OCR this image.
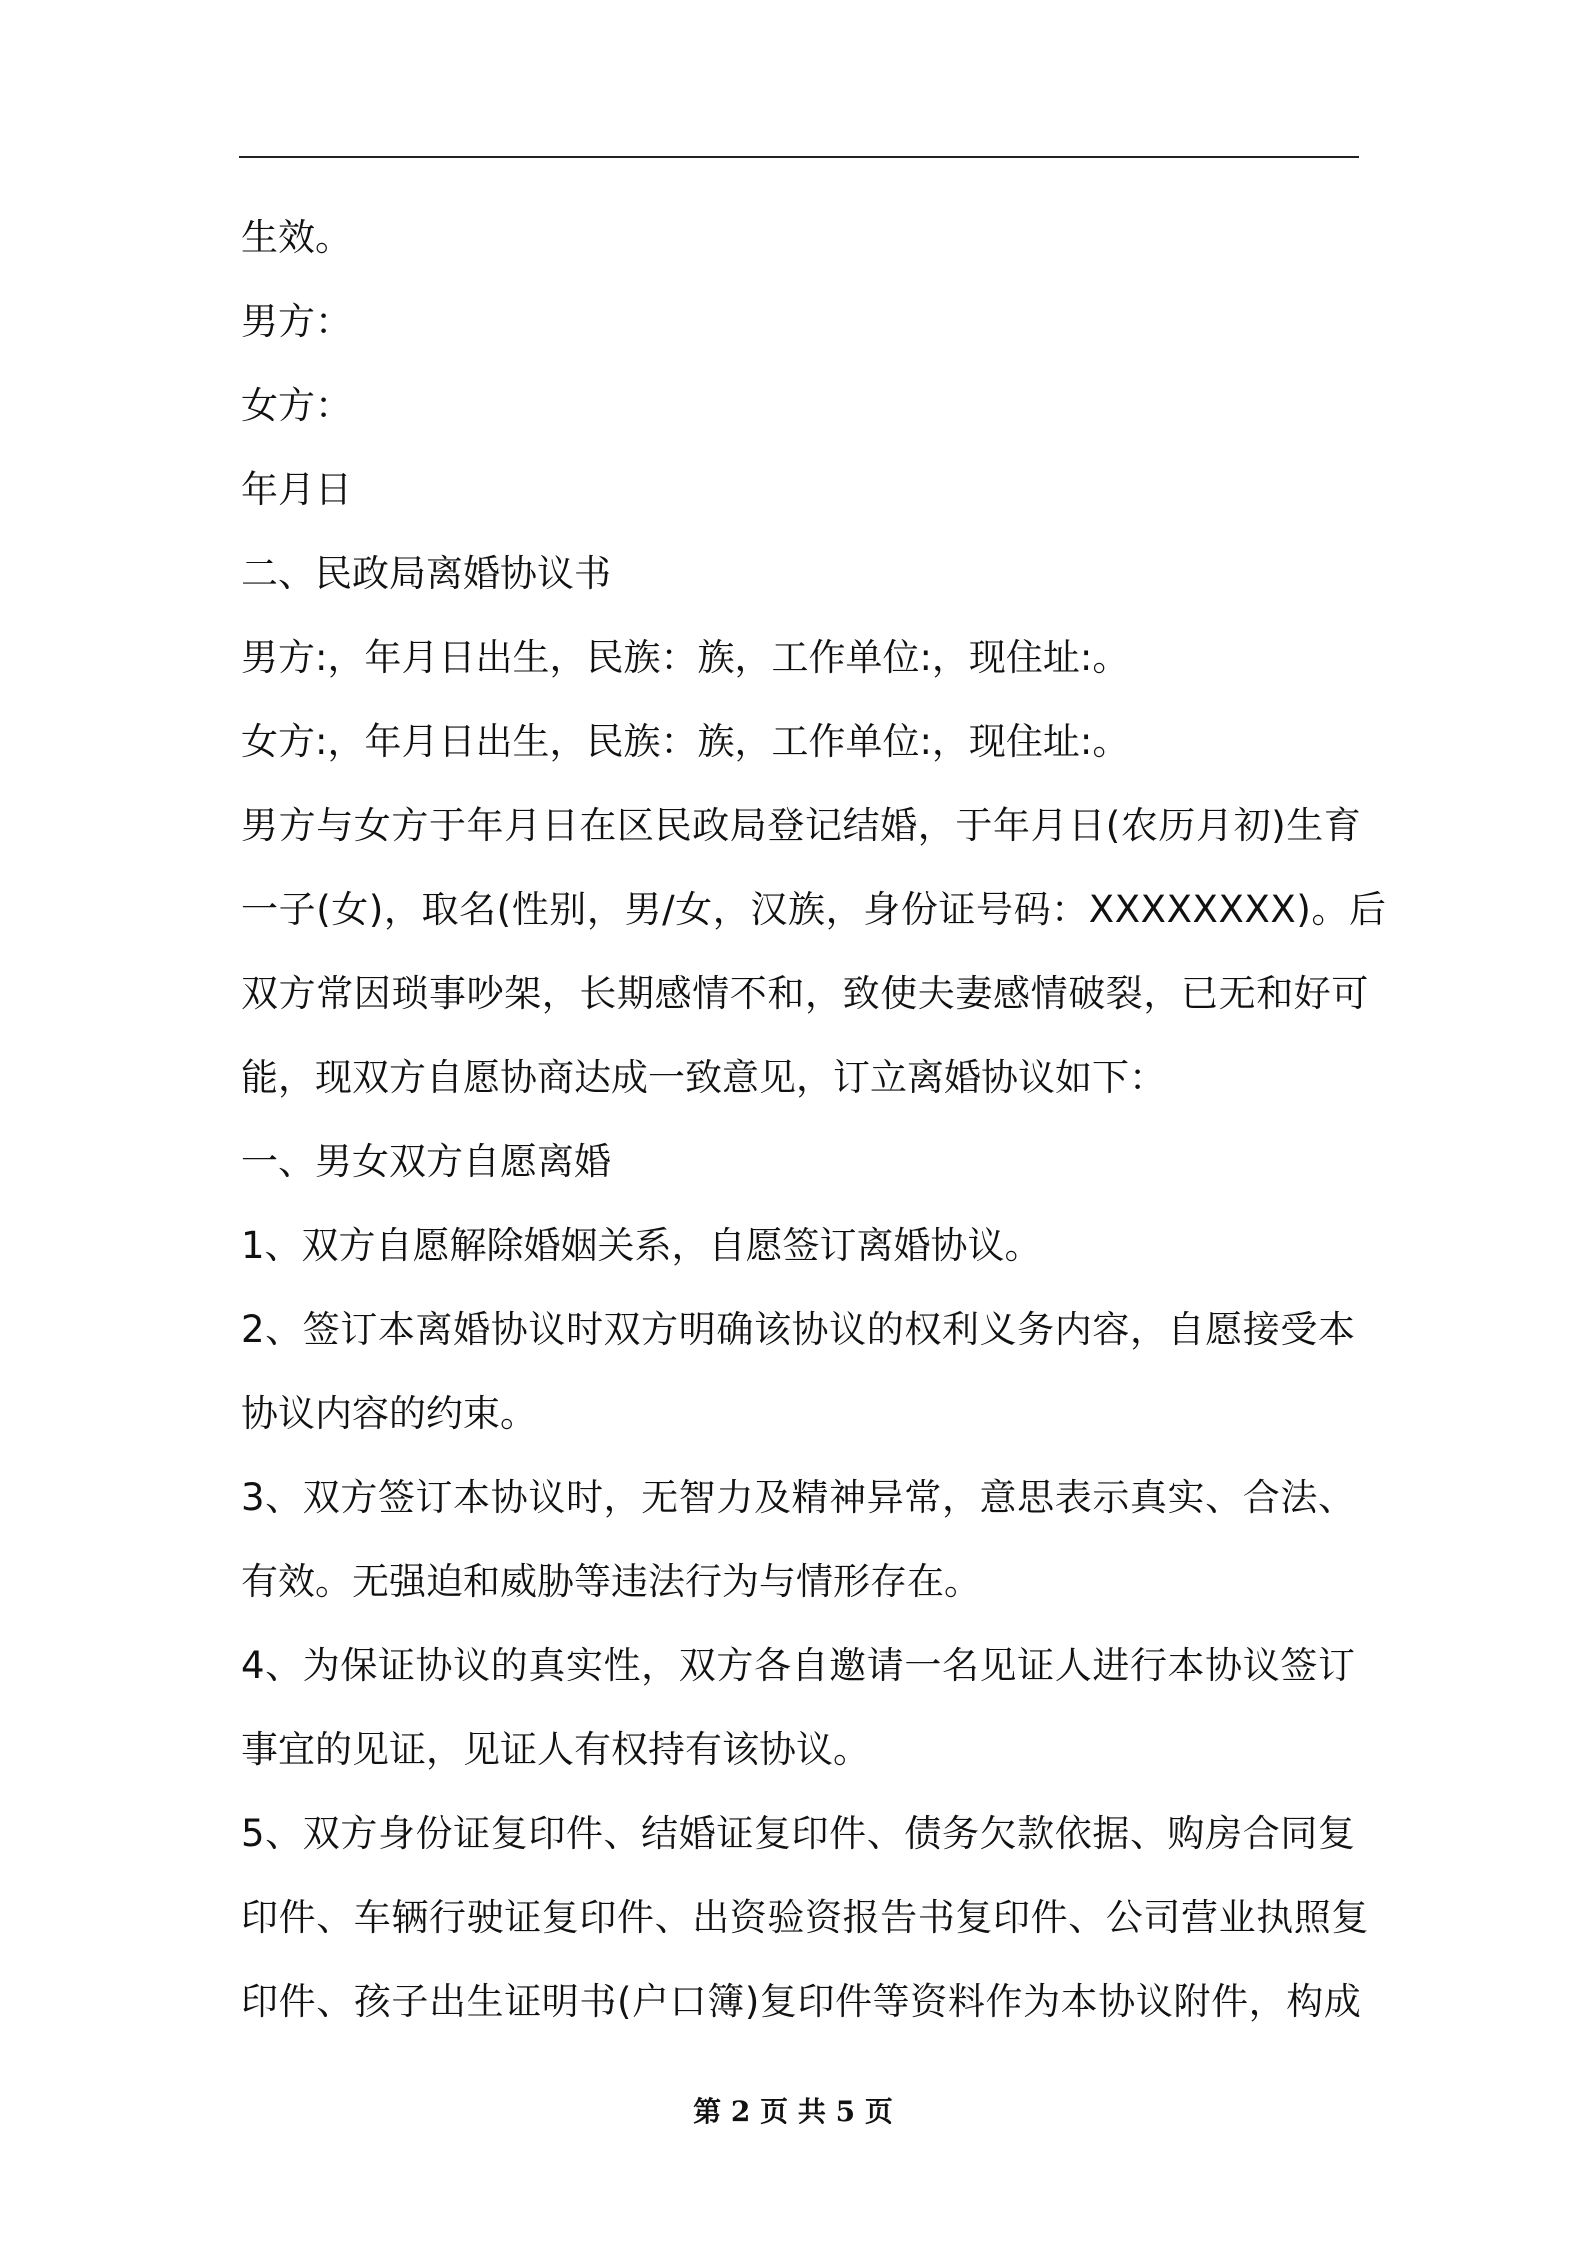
生效。
男方：
女方：
年月日
二、民政局离婚协议书
男方:，年月日出生，民族：族，工作单位:，现住址:。
女方:，年月日出生，民族：族，工作单位:，现住址:。
男方与女方于年月日在区民政局登记结婚，于年月日(农历月初)生育
一子(女)，取名(性别，男/女，汉族，身份证号码：XXXXXXXX)。后
双方常因琐事吵架，长期感情不和，致使夫妻感情破裂，已无和好可
能，现双方自愿协商达成一致意见，订立离婚协议如下：
一、男女双方自愿离婚
1、双方自愿解除婚姻关系，自愿签订离婚协议。
2、签订本离婚协议时双方明确该协议的权利义务内容，自愿接受本
协议内容的约束。
3、双方签订本协议时，无智力及精神异常，意思表示真实、合法、
有效。无强迫和威胁等违法行为与情形存在。
4、为保证协议的真实性，双方各自邀请一名见证人进行本协议签订
事宜的见证，见证人有权持有该协议。
5、双方身份证复印件、结婚证复印件、债务欠款依据、购房合同复
印件、车辆行驶证复印件、出资验资报告书复印件、公司营业执照复
印件、孩子出生证明书(户口簿)复印件等资料作为本协议附件，构成
第 2 页 共 5 页
